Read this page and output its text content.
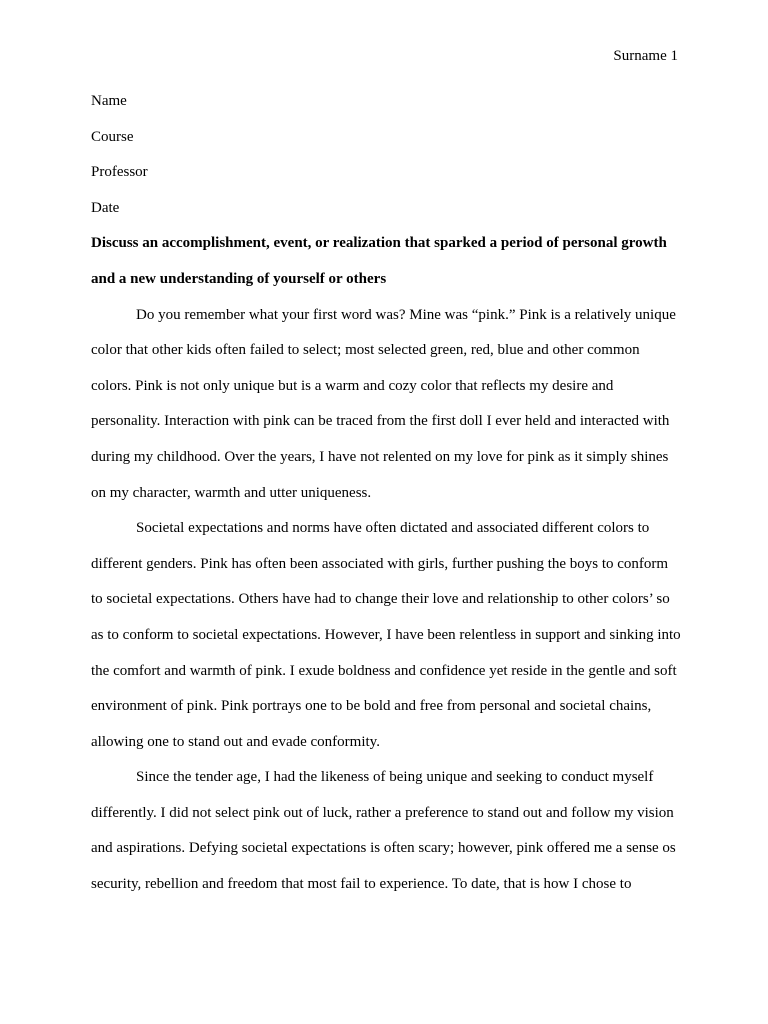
Surname 1
Name
Course
Professor
Date

Discuss an accomplishment, event, or realization that sparked a period of personal growth and a new understanding of yourself or others

Do you remember what your first word was? Mine was “pink.” Pink is a relatively unique color that other kids often failed to select; most selected green, red, blue and other common colors. Pink is not only unique but is a warm and cozy color that reflects my desire and personality. Interaction with pink can be traced from the first doll I ever held and interacted with during my childhood. Over the years, I have not relented on my love for pink as it simply shines on my character, warmth and utter uniqueness.

Societal expectations and norms have often dictated and associated different colors to different genders. Pink has often been associated with girls, further pushing the boys to conform to societal expectations. Others have had to change their love and relationship to other colors’ so as to conform to societal expectations. However, I have been relentless in support and sinking into the comfort and warmth of pink. I exude boldness and confidence yet reside in the gentle and soft environment of pink. Pink portrays one to be bold and free from personal and societal chains, allowing one to stand out and evade conformity.

Since the tender age, I had the likeness of being unique and seeking to conduct myself differently. I did not select pink out of luck, rather a preference to stand out and follow my vision and aspirations. Defying societal expectations is often scary; however, pink offered me a sense os security, rebellion and freedom that most fail to experience. To date, that is how I chose to
